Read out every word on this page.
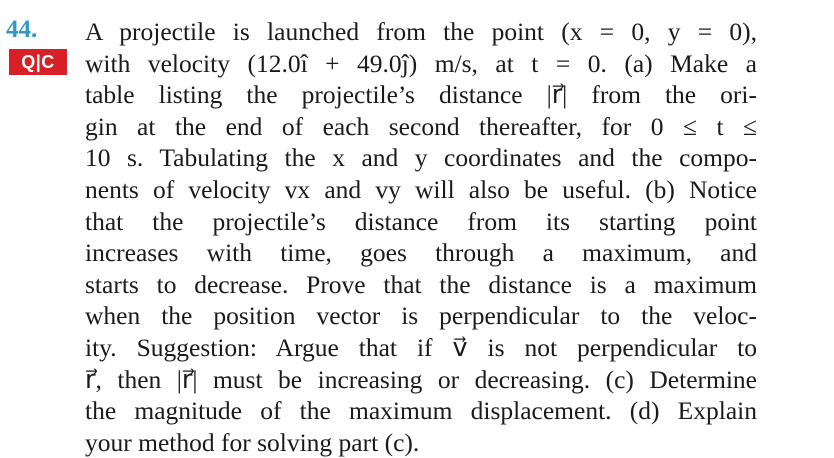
44.
Q|C
A projectile is launched from the point (x = 0, y = 0),
with velocity (12.0î + 49.0ĵ) m/s, at t = 0. (a) Make a
table listing the projectile’s distance |r⃗| from the ori-
gin at the end of each second thereafter, for 0 ≤ t ≤
10 s. Tabulating the x and y coordinates and the compo-
nents of velocity vx and vy will also be useful. (b) Notice
that the projectile’s distance from its starting point
increases with time, goes through a maximum, and
starts to decrease. Prove that the distance is a maximum
when the position vector is perpendicular to the veloc-
ity. Suggestion: Argue that if v⃗ is not perpendicular to
r⃗, then |r⃗| must be increasing or decreasing. (c) Determine
the magnitude of the maximum displacement. (d) Explain
your method for solving part (c).
